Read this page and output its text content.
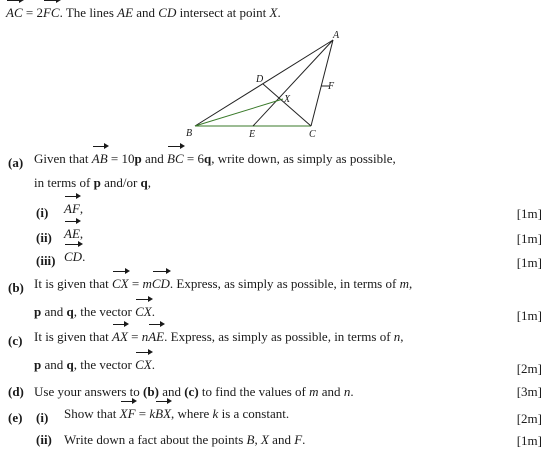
AC = 2FC. The lines AE and CD intersect at point X.
A
B	C
D
E
F
X
(a) Given that AB = 10p and BC = 6q, write down, as simply as possible,
in terms of p and/or q,
(i) AF,	[1m]
(ii) AE,	[1m]
(iii) CD.	[1m]
(b) It is given that CX = mCD. Express, as simply as possible, in terms of m,
p and q, the vector CX.	[1m]
(c) It is given that AX = nAE. Express, as simply as possible, in terms of n,
p and q, the vector CX.	[2m]
(d) Use your answers to (b) and (c) to find the values of m and n.	[3m]
(e) (i) Show that XF = kBX, where k is a constant.	[2m]
(ii) Write down a fact about the points B, X and F.	[1m]
